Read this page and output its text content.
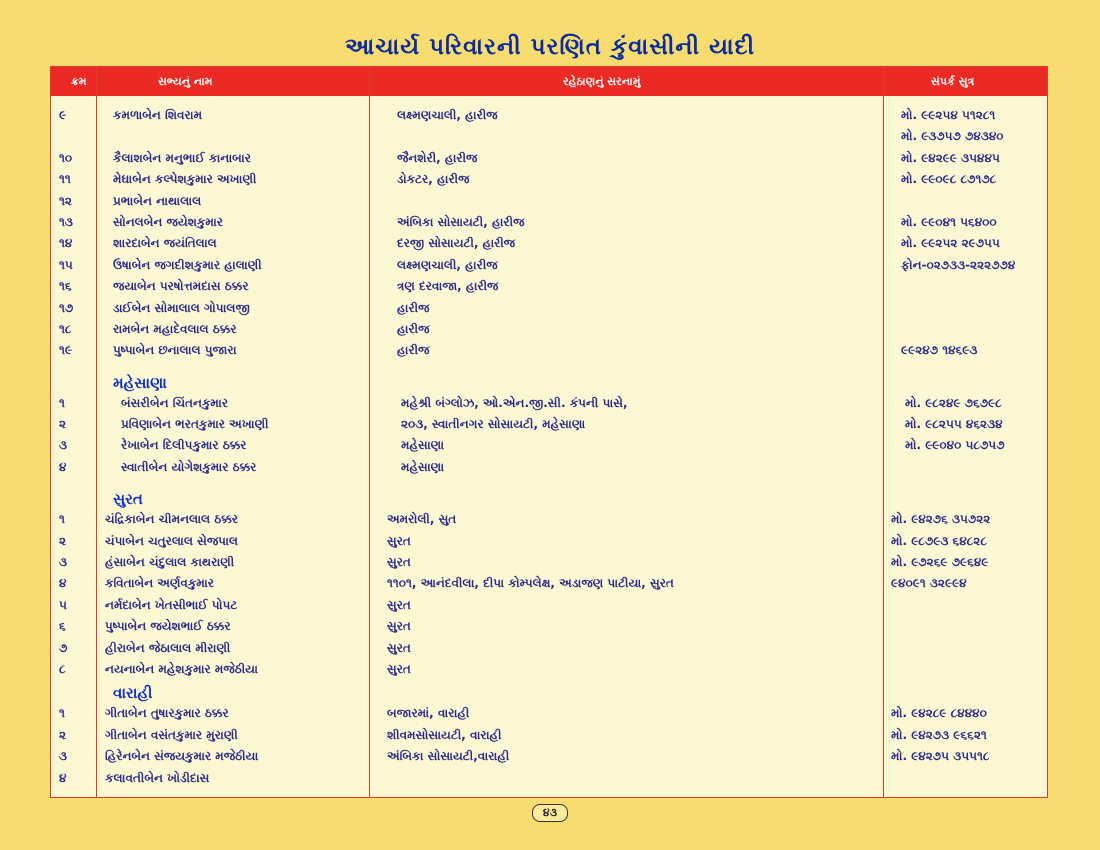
આચાર્ય પરિવારની પરણિત કુંવાસીની યાદી
ક્રમ	સભ્યનું નામ	રહેઠાણનું સરનામું	સંપર્ક સુત્ર
૯	કમળાબેન શિવરામ	લક્ષ્મણચાલી, હારીજ	મો. ૯૯૨૫૪ ૫૧૨૮૧
મો. ૯૩૭૫૭ ૭૪૩૪૦
૧૦	કૈલાશબેન મનુભાઈ કાનાબાર	જૈનશેરી, હારીજ	મો. ૯૪૨૯૯ ૩૫૪૪૫
૧૧	મેઘાબેન કલ્પેશકુમાર અખાણી	ડોકટર, હારીજ	મો. ૯૯૦૯૮ ૮૭૧૭૮
૧૨	પ્રભાબેન નાથાલાલ
૧૩	સોનલબેન જયેશકુમાર	અંબિકા સોસાયટી, હારીજ	મો. ૯૯૦૪૧ ૫૬૪૦૦
૧૪	શારદાબેન જયંતિલાલ	દરજી સોસાયટી, હારીજ	મો. ૯૯૨૫૨ ૨૯૭૫૫
૧૫	ઉષાબેન જગદીશકુમાર હાલાણી	લક્ષ્મણચાલી, હારીજ	ફોન-૦૨૭૩૩-૨૨૨૭૭૪
૧૬	જયાબેન પરષોત્તમદાસ ઠક્કર	ત્રણ દરવાજા, હારીજ
૧૭	ડાઈબેન સોમાલાલ ગોપાલજી	હારીજ
૧૮	રામબેન મહાદેવલાલ ઠક્કર	હારીજ
૧૯	પુષ્પાબેન છનાલાલ પુજારા	હારીજ	૯૯૨૪૭ ૧૪૬૯૩
મહેસાણા
૧	બંસરીબેન ચિંતનકુમાર	મહેશ્રી બંગ્લોઝ, ઓ.એન.જી.સી. કંપની પાસે,	મો. ૯૮૨૪૯ ૭૬૭૯૮
૨	પ્રવિણાબેન ભરતકુમાર અખાણી	૨૦૩, સ્વાતીનગર સોસાયટી, મહેસાણા	મો. ૯૮૨૫૫ ૪૬૨૩૪
૩	રેખાબેન દિલીપકુમાર ઠક્કર	મહેસાણા	મો. ૯૯૦૪૦ ૫૮૭૫૭
૪	સ્વાતીબેન યોગેશકુમાર ઠક્કર	મહેસાણા
સુરત
૧	ચંદ્રિકાબેન ચીમનલાલ ઠક્કર	અમરોલી, સુત	મો. ૯૪૨૭૬ ૩૫૭૨૨
૨	ચંપાબેન ચતુરલાલ સેજપાલ	સુરત	મો. ૯૮૭૯૩ ૬૪૮૨૮
૩	હંસાબેન ચંદુલાલ કાથરાણી	સુરત	મો. ૯૭૨૬૯ ૭૯૬૪૯
૪	કવિતાબેન અર્ણવકુમાર	૧૧૦૧, આનંદવીલા, દીપા કોમ્પલેક્ષ, અડાજણ પાટીયા, સુરત	૯૪૦૯૧ ૩૨૯૯૪
૫	નર્મદાબેન ખેતસીભાઈ પોપટ	સુરત
૬	પુષ્પાબેન જયેશભાઈ ઠક્કર	સુરત
૭	હીરાબેન જેઠાલાલ મીરાણી	સુરત
૮	નયનાબેન મહેશકુમાર મજેઠીયા	સુરત
વારાહી
૧	ગીતાબેન તુષારકુમાર ઠક્કર	બજારમાં, વારાહી	મો. ૯૪૨૮૯ ૮૪૪૪૦
૨	ગીતાબેન વસંતકુમાર મુરાણી	શીવમસોસાયટી, વારાહી	મો. ૯૪૨૭૩ ૯૬૬૨૧
૩	હિરેનબેન સંજયકુમાર મજેઠીયા	અંબિકા સોસાયટી,વારાહી	મો. ૯૪૨૭૫ ૩૫૫૧૮
૪	કલાવતીબેન ખોડીદાસ
૪૩
